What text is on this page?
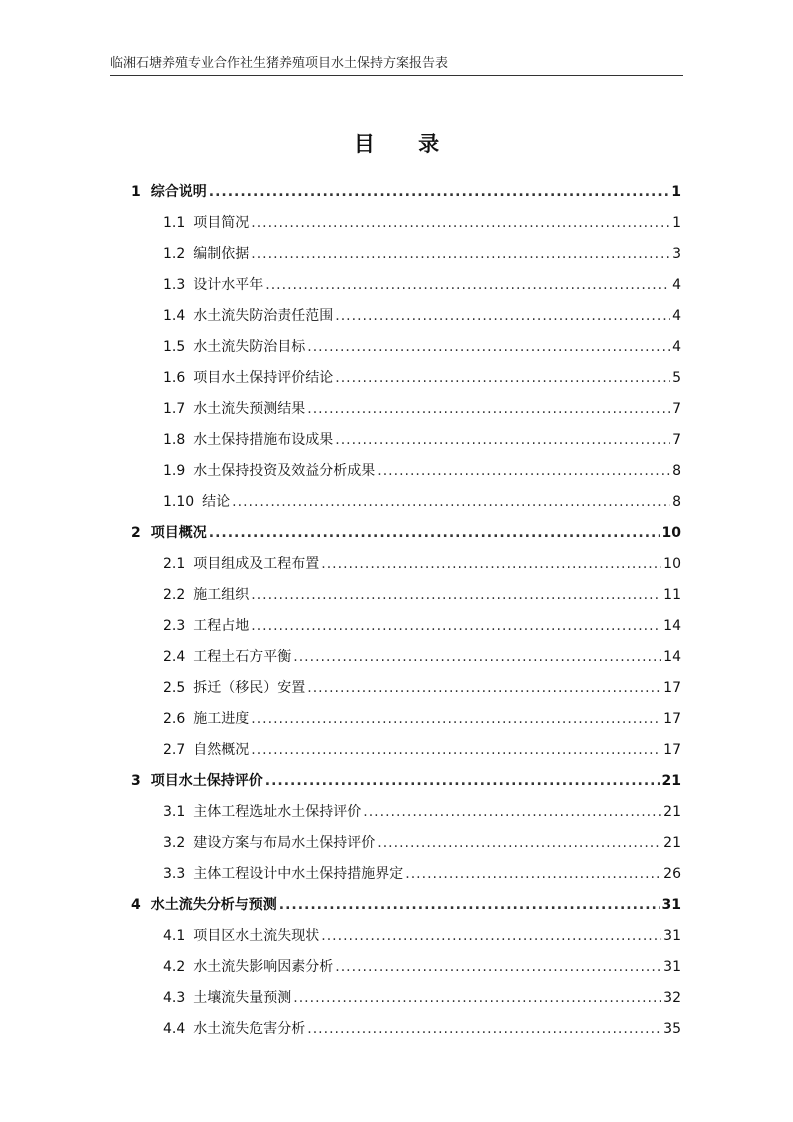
临湘石塘养殖专业合作社生猪养殖项目水土保持方案报告表
目 录
1 综合说明 .....	1
1.1 项目简况 .....	1
1.2 编制依据 .....	3
1.3 设计水平年 .....	4
1.4 水土流失防治责任范围 .....	4
1.5 水土流失防治目标 .....	4
1.6 项目水土保持评价结论 .....	5
1.7 水土流失预测结果 .....	7
1.8 水土保持措施布设成果 .....	7
1.9 水土保持投资及效益分析成果 .....	8
1.10 结论 .....	8
2 项目概况 .....	10
2.1 项目组成及工程布置 .....	10
2.2 施工组织 .....	11
2.3 工程占地 .....	14
2.4 工程土石方平衡 .....	14
2.5 拆迁（移民）安置 .....	17
2.6 施工进度 .....	17
2.7 自然概况 .....	17
3 项目水土保持评价 .....	21
3.1 主体工程选址水土保持评价 .....	21
3.2 建设方案与布局水土保持评价 .....	21
3.3 主体工程设计中水土保持措施界定 .....	26
4 水土流失分析与预测 .....	31
4.1 项目区水土流失现状 .....	31
4.2 水土流失影响因素分析 .....	31
4.3 土壤流失量预测 .....	32
4.4 水土流失危害分析 .....	35
